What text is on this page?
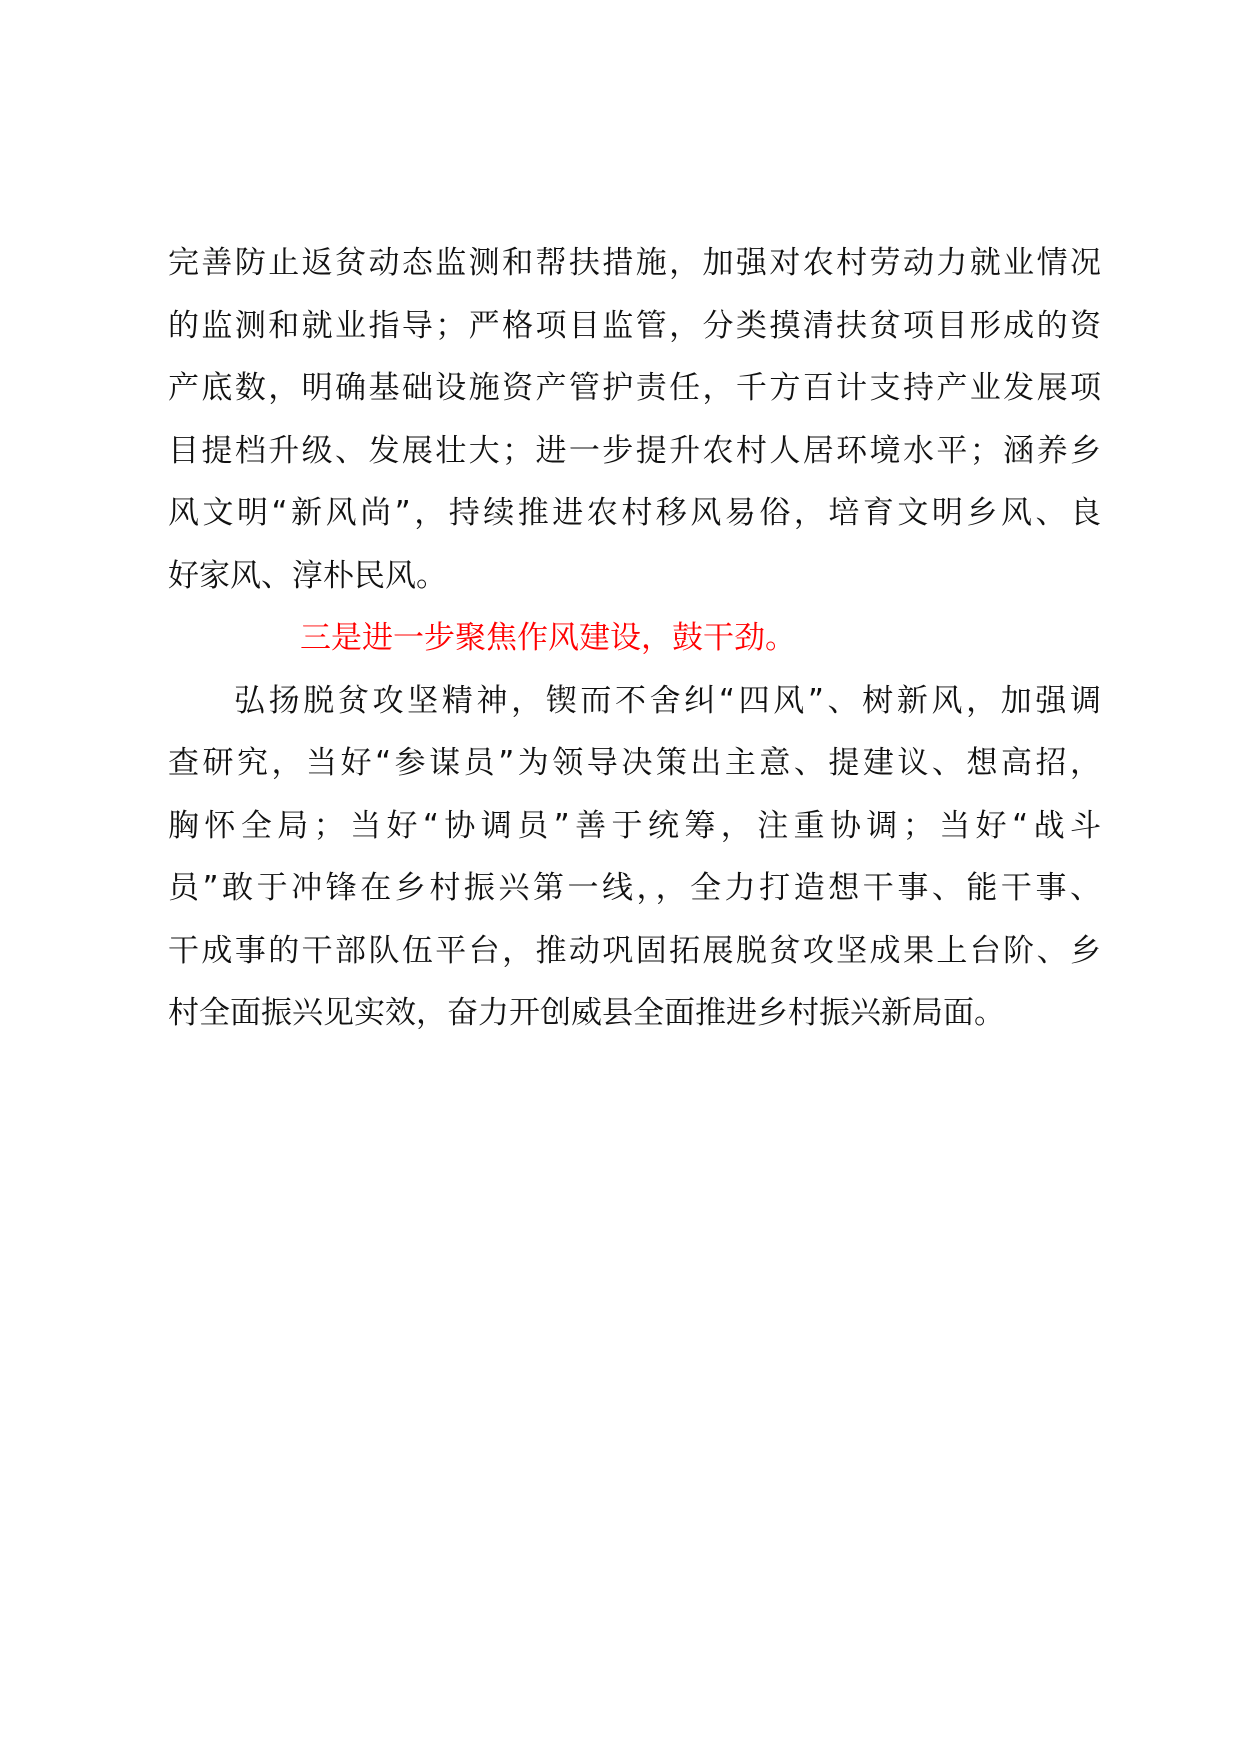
完善防止返贫动态监测和帮扶措施，加强对农村劳动力就业情况
的监测和就业指导；严格项目监管，分类摸清扶贫项目形成的资
产底数，明确基础设施资产管护责任，千方百计支持产业发展项
目提档升级、发展壮大；进一步提升农村人居环境水平；涵养乡
风文明“新风尚”，持续推进农村移风易俗，培育文明乡风、良
好家风、淳朴民风。
三是进一步聚焦作风建设，鼓干劲。
弘扬脱贫攻坚精神，锲而不舍纠“四风”、树新风，加强调
查研究，当好“参谋员”为领导决策出主意、提建议、想高招，
胸怀全局；当好“协调员”善于统筹，注重协调；当好“战斗
员”敢于冲锋在乡村振兴第一线，，全力打造想干事、能干事、
干成事的干部队伍平台，推动巩固拓展脱贫攻坚成果上台阶、乡
村全面振兴见实效，奋力开创威县全面推进乡村振兴新局面。
